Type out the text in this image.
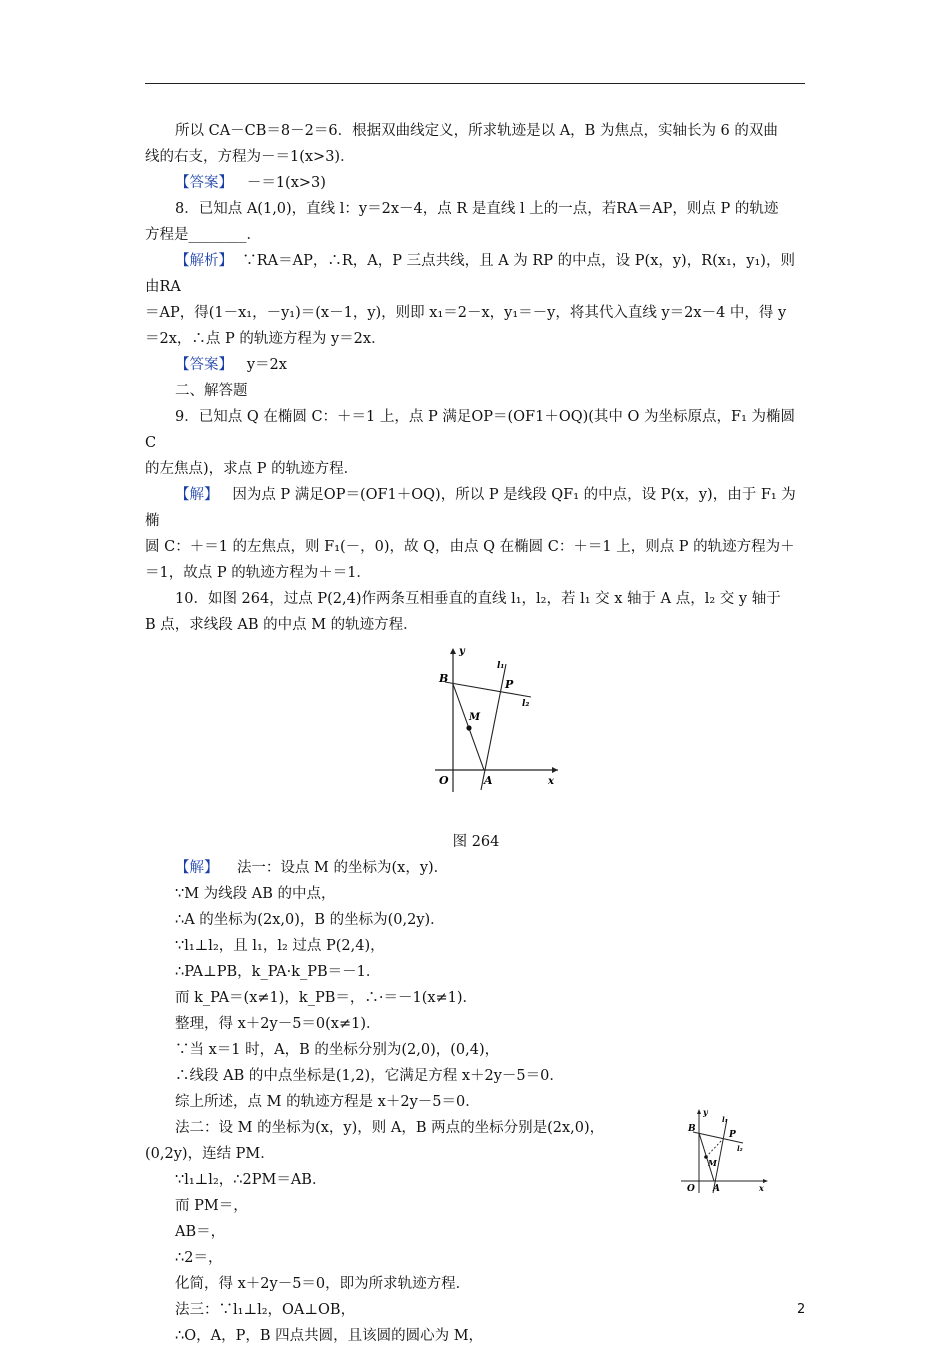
所以 CA－CB＝8－2＝6．根据双曲线定义，所求轨迹是以 A，B 为焦点，实轴长为 6 的双曲

线的右支，方程为－＝1(x>3)．

【答案】 －＝1(x>3)

8．已知点 A(1,0)，直线 l：y＝2x－4，点 R 是直线 l 上的一点，若RA＝AP，则点 P 的轨迹

方程是________．

【解析】 ∵RA＝AP，∴R，A，P 三点共线，且 A 为 RP 的中点，设 P(x，y)，R(x₁，y₁)，则由RA

＝AP，得(1－x₁，－y₁)＝(x－1，y)，则即 x₁＝2－x，y₁＝－y，将其代入直线 y＝2x－4 中，得 y

＝2x，∴点 P 的轨迹方程为 y＝2x．

【答案】 y＝2x

二、解答题

9．已知点 Q 在椭圆 C：＋＝1 上，点 P 满足OP＝(OF1＋OQ)(其中 O 为坐标原点，F₁ 为椭圆 C

的左焦点)，求点 P 的轨迹方程．

【解】 因为点 P 满足OP＝(OF1＋OQ)，所以 P 是线段 QF₁ 的中点，设 P(x，y)，由于 F₁ 为椭

圆 C：＋＝1 的左焦点，则 F₁(－，0)，故 Q，由点 Q 在椭圆 C：＋＝1 上，则点 P 的轨迹方程为＋

＝1，故点 P 的轨迹方程为＋＝1．

10．如图 264，过点 P(2,4)作两条互相垂直的直线 l₁，l₂，若 l₁ 交 x 轴于 A 点，l₂ 交 y 轴于

B 点，求线段 AB 的中点 M 的轨迹方程．

y
x
O	A
B	P
M
l₁
l₂

图 264

【解】 法一：设点 M 的坐标为(x，y)．

∵M 为线段 AB 的中点，

∴A 的坐标为(2x,0)，B 的坐标为(0,2y)．

∵l₁⊥l₂，且 l₁，l₂ 过点 P(2,4)，

∴PA⊥PB，k_PA·k_PB＝－1．

而 k_PA＝(x≠1)，k_PB＝，∴·＝－1(x≠1)．

整理，得 x＋2y－5＝0(x≠1)．

∵当 x＝1 时，A，B 的坐标分别为(2,0)，(0,4)，

∴线段 AB 的中点坐标是(1,2)，它满足方程 x＋2y－5＝0．

综上所述，点 M 的轨迹方程是 x＋2y－5＝0．

法二：设 M 的坐标为(x，y)，则 A，B 两点的坐标分别是(2x,0)，

(0,2y)，连结 PM．

∵l₁⊥l₂，∴2PM＝AB．

而 PM＝，

AB＝，

∴2＝，

化简，得 x＋2y－5＝0，即为所求轨迹方程．

法三：∵l₁⊥l₂，OA⊥OB，

∴O，A，P，B 四点共圆，且该圆的圆心为 M，

y
x
O A
B
P
M
l₁
l₂
2
